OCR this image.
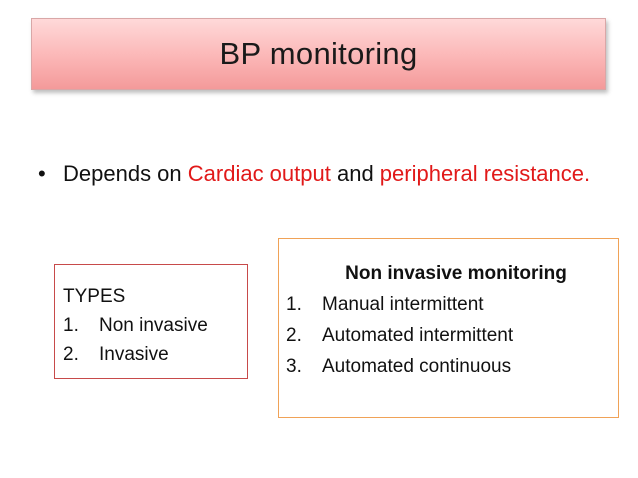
BP monitoring
• Depends on Cardiac output and peripheral resistance.
TYPES
1.	Non invasive
2.	Invasive
Non invasive monitoring
1.	Manual intermittent
2.	Automated intermittent
3.	Automated continuous
